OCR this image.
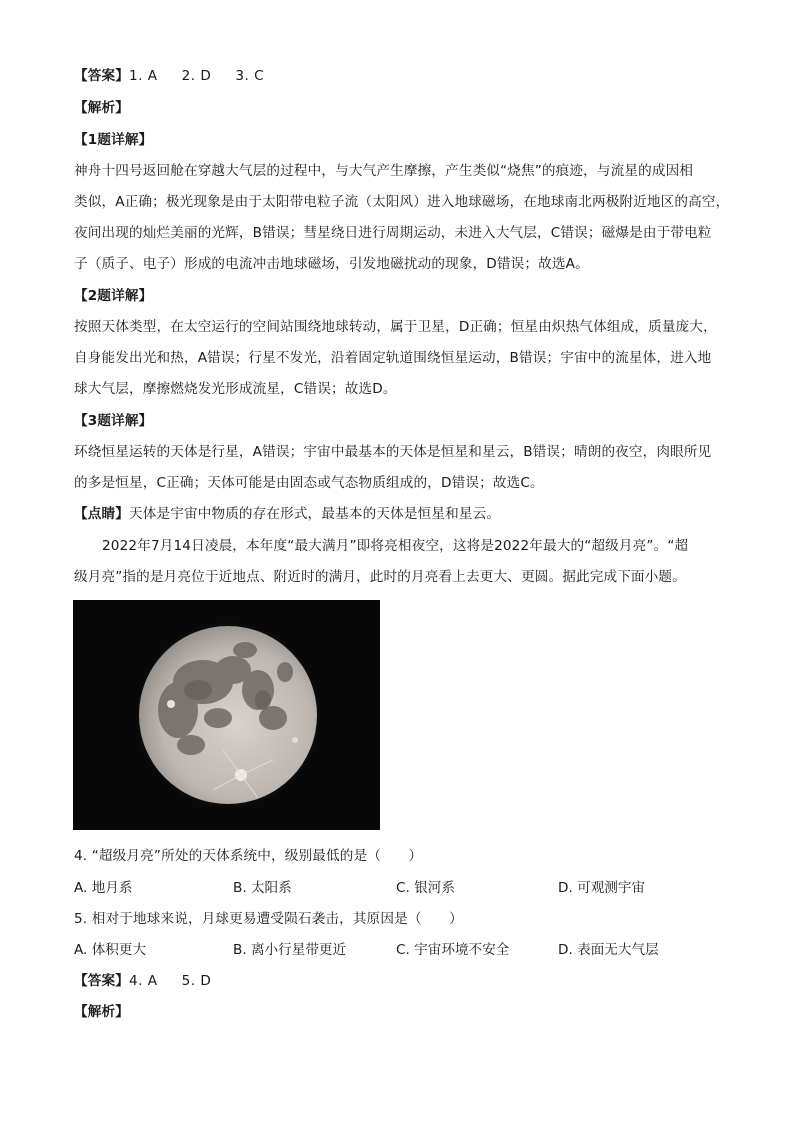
【答案】1. A 2. D 3. C
【解析】
【1题详解】
神舟十四号返回舱在穿越大气层的过程中，与大气产生摩擦，产生类似“烧焦”的痕迹，与流星的成因相
类似，A正确；极光现象是由于太阳带电粒子流（太阳风）进入地球磁场，在地球南北两极附近地区的高空，
夜间出现的灿烂美丽的光辉，B错误；彗星绕日进行周期运动，未进入大气层，C错误；磁爆是由于带电粒
子（质子、电子）形成的电流冲击地球磁场，引发地磁扰动的现象，D错误；故选A。
【2题详解】
按照天体类型，在太空运行的空间站围绕地球转动，属于卫星，D正确；恒星由炽热气体组成，质量庞大，
自身能发出光和热，A错误；行星不发光，沿着固定轨道围绕恒星运动，B错误；宇宙中的流星体，进入地
球大气层，摩擦燃烧发光形成流星，C错误；故选D。
【3题详解】
环绕恒星运转的天体是行星，A错误；宇宙中最基本的天体是恒星和星云，B错误；晴朗的夜空，肉眼所见
的多是恒星，C正确；天体可能是由固态或气态物质组成的，D错误；故选C。
【点睛】天体是宇宙中物质的存在形式，最基本的天体是恒星和星云。
2022年7月14日凌晨，本年度“最大满月”即将亮相夜空，这将是2022年最大的“超级月亮”。“超
级月亮”指的是月亮位于近地点、附近时的满月，此时的月亮看上去更大、更圆。据此完成下面小题。
4. “超级月亮”所处的天体系统中，级别最低的是（　　）
A. 地月系	B. 太阳系	C. 银河系	D. 可观测宇宙
5. 相对于地球来说，月球更易遭受陨石袭击，其原因是（　　）
A. 体积更大	B. 离小行星带更近	C. 宇宙环境不安全	D. 表面无大气层
【答案】4. A 5. D
【解析】
